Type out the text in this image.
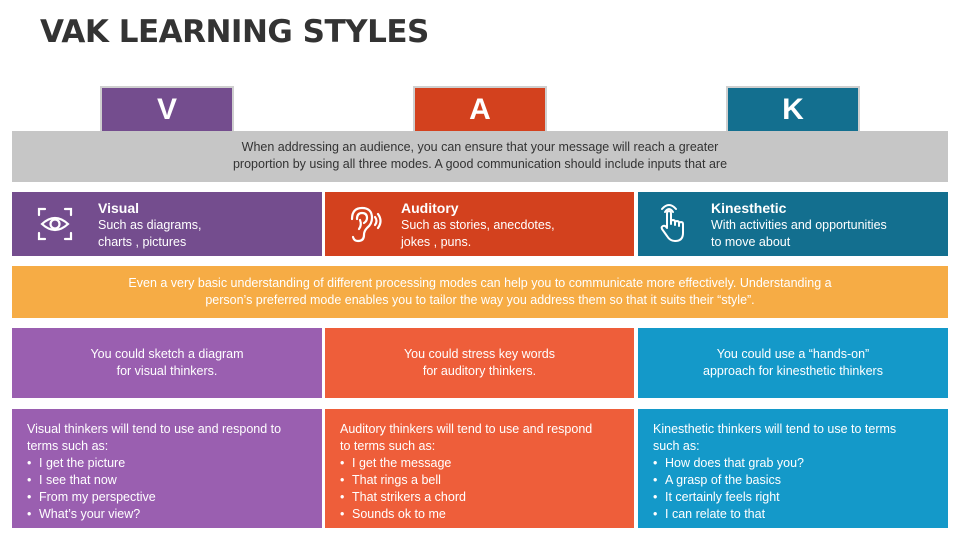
VAK LEARNING STYLES
V	A	K
When addressing an audience, you can ensure that your message will reach a greater
proportion by using all three modes. A good communication should include inputs that are
Visual
Such as diagrams,
charts , pictures
Auditory
Such as stories, anecdotes,
jokes , puns.
Kinesthetic
With activities and opportunities
to move about
Even a very basic understanding of different processing modes can help you to communicate more effectively. Understanding a
person’s preferred mode enables you to tailor the way you address them so that it suits their “style”.
You could sketch a diagram
for visual thinkers.
You could stress key words
for auditory thinkers.
You could use a “hands-on”
approach for kinesthetic thinkers
Visual thinkers will tend to use and respond to
terms such as:
• I get the picture
• I see that now
• From my perspective
• What’s your view?
Auditory thinkers will tend to use and respond
to terms such as:
• I get the message
• That rings a bell
• That strikers a chord
• Sounds ok to me
Kinesthetic thinkers will tend to use to terms
such as:
• How does that grab you?
• A grasp of the basics
• It certainly feels right
• I can relate to that
